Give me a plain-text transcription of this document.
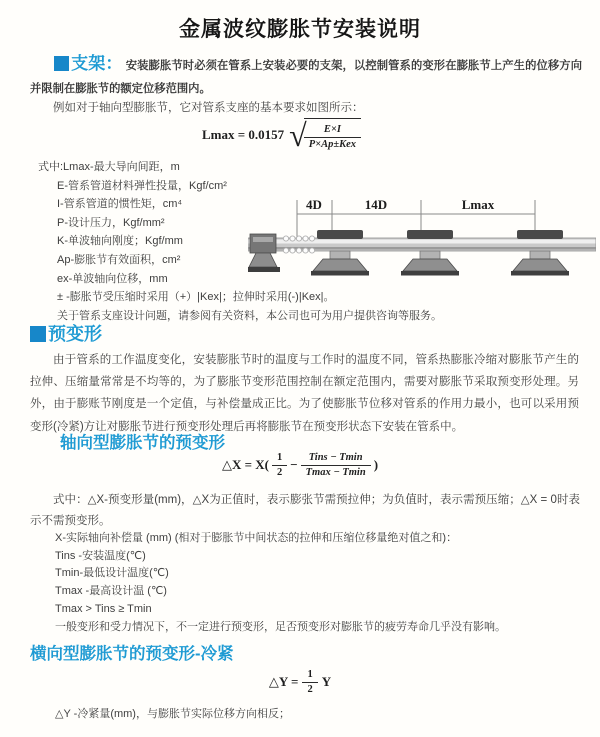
金属波纹膨胀节安装说明
支架： 安装膨胀节时必须在管系上安装必要的支架，以控制管系的变形在膨胀节上产生的位移方向并限制在膨胀节的额定位移范围内。
例如对于轴向型膨胀节，它对管系支座的基本要求如图所示：
Lmax = 0.0157 √
$\frac{E\times I}{\text{P×Ap±Kex}}$
式中:Lmax-最大导向间距，m
E-管系管道材料弹性投量，Kgf/cm²
I-管系管道的惯性矩，cm⁴
P-设计压力，Kgf/mm²
K-单波轴向刚度；Kgf/mm
Ap-膨胀节有效面积，cm²
ex-单波轴向位移，mm
± -膨胀节受压缩时采用（+）|Kex|；拉伸时采用(-)|Kex|。
关于管系支座设计问题，请参阅有关资料，本公司也可为用户提供咨询等服务。
4D	14D	Lmax
预变形
由于管系的工作温度变化，安装膨胀节时的温度与工作时的温度不同，管系热膨胀冷缩对膨胀节产生的拉伸、压缩量常常是不均等的，为了膨胀节变形范围控制在额定范围内，需要对膨胀节采取预变形处理。另外，由于膨账节刚度是一个定值，与补偿量成正比。为了使膨胀节位移对管系的作用力最小，也可以采用预变形(冷紧)方让对膨胀节进行预变形处理后再将膨胀节在预变形状态下安装在管系中。
轴向型膨胀节的预变形
△X = $X( \frac{1}{2} - \frac{\text{Tins − Tmin}}{Tmax - Tmin}$ )
式中：△X-预变形量(mm)，△X为正值时，表示膨张节需预拉伸；为负值时，表示需预压缩；△X = 0时表示不需预变形。
X-实际轴向补偿量 (mm) (相对于膨胀节中间状态的拉伸和压缩位移量绝对值之和)：
Tins -安装温度(℃)
Tmin-最低设计温度(℃)
Tmax -最高设计温 (℃)
Tmax > Tins ≥ Tmin
一般变形和受力情况下，不一定进行预变形，足否预变形对膨胀节的疲劳寿命几乎没有影响。
横向型膨胀节的预变形-冷紧
△Y = $\frac{1}{2}$ Y
△Y -冷紧量(mm)，与膨胀节实际位移方向相反；
